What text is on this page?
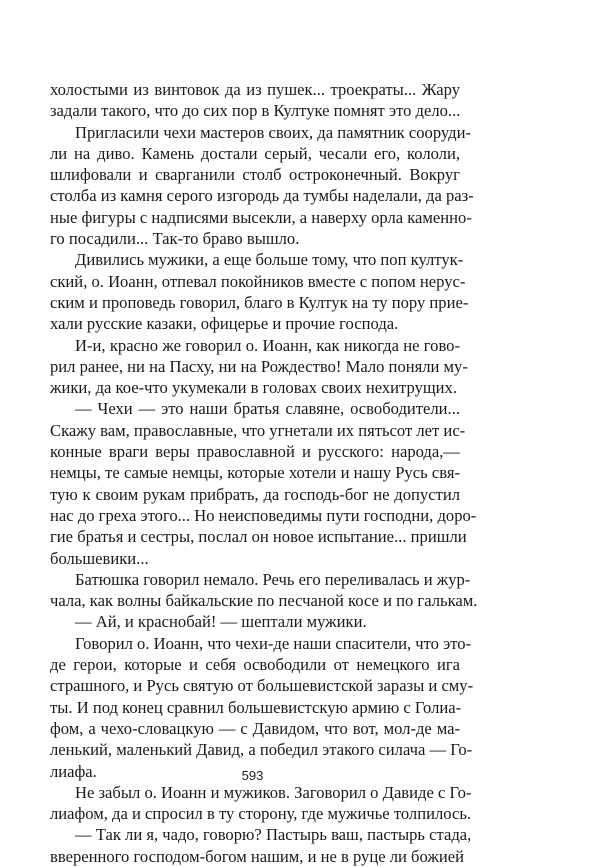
холостыми из винтовок да из пушек... троекраты... Жару
задали такого, что до сих пор в Култуке помнят это дело...
Пригласили чехи мастеров своих, да памятник сооруди-
ли на диво. Камень достали серый, чесали его, кололи,
шлифовали и сварганили столб остроконечный. Вокруг
столба из камня серого изгородь да тумбы наделали, да раз-
ные фигуры с надписями высекли, а наверху орла каменно-
го посадили... Так-то браво вышло.
Дивились мужики, а еще больше тому, что поп култук-
ский, о. Иоанн, отпевал покойников вместе с попом нерус-
ским и проповедь говорил, благо в Култук на ту пору прие-
хали русские казаки, офицерье и прочие господа.
И-и, красно же говорил о. Иоанн, как никогда не гово-
рил ранее, ни на Пасху, ни на Рождество! Мало поняли му-
жики, да кое-что укумекали в головах своих нехитрущих.
— Чехи — это наши братья славяне, освободители...
Скажу вам, православные, что угнетали их пятьсот лет ис-
конные враги веры православной и русского: народа,—
немцы, те самые немцы, которые хотели и нашу Русь свя-
тую к своим рукам прибрать, да господь-бог не допустил
нас до греха этого... Но неисповедимы пути господни, доро-
гие братья и сестры, послал он новое испытание... пришли
большевики...
Батюшка говорил немало. Речь его переливалась и жур-
чала, как волны байкальские по песчаной косе и по галькам.
— Ай, и краснобай! — шептали мужики.
Говорил о. Иоанн, что чехи-де наши спасители, что это-
де герои, которые и себя освободили от немецкого ига
страшного, и Русь святую от большевистской заразы и сму-
ты. И под конец сравнил большевистскую армию с Голиа-
фом, а чехо-словацкую — с Давидом, что вот, мол-де ма-
ленький, маленький Давид, а победил этакого силача — Го-
лиафа.
Не забыл о. Иоанн и мужиков. Заговорил о Давиде с Го-
лиафом, да и спросил в ту сторону, где мужичье толпилось.
— Так ли я, чадо, говорю? Пастырь ваш, пастырь стада,
вверенного господом-богом нашим, и не в руце ли божией
593
